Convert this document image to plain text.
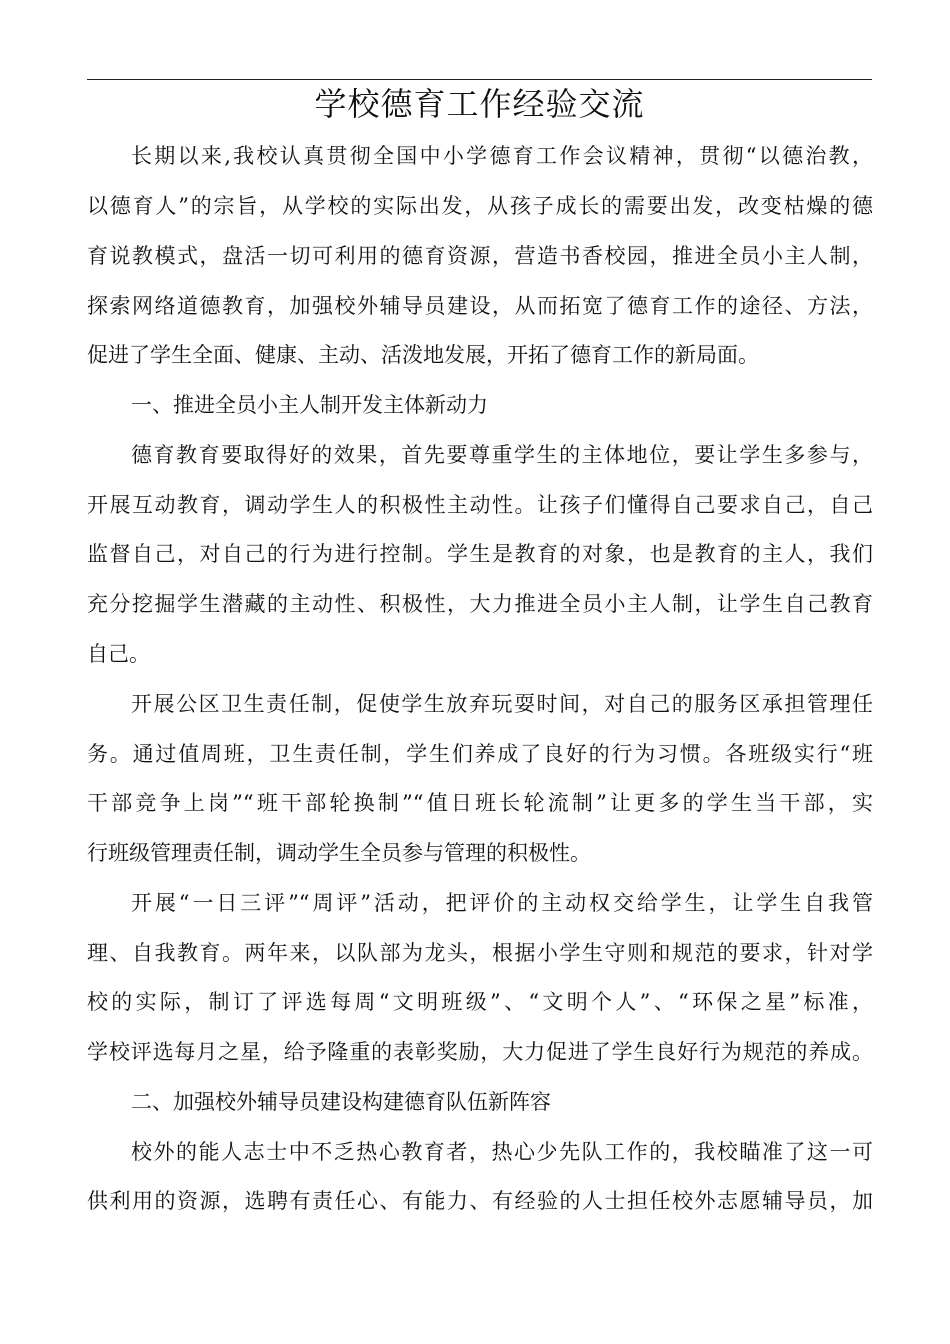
学校德育工作经验交流
长期以来,我校认真贯彻全国中小学德育工作会议精神，贯彻“以德治教，
以德育人”的宗旨，从学校的实际出发，从孩子成长的需要出发，改变枯燥的德
育说教模式，盘活一切可利用的德育资源，营造书香校园，推进全员小主人制，
探索网络道德教育，加强校外辅导员建设，从而拓宽了德育工作的途径、方法，
促进了学生全面、健康、主动、活泼地发展，开拓了德育工作的新局面。
一、推进全员小主人制开发主体新动力
德育教育要取得好的效果，首先要尊重学生的主体地位，要让学生多参与，
开展互动教育，调动学生人的积极性主动性。让孩子们懂得自己要求自己，自己
监督自己，对自己的行为进行控制。学生是教育的对象，也是教育的主人，我们
充分挖掘学生潜藏的主动性、积极性，大力推进全员小主人制，让学生自己教育
自己。
开展公区卫生责任制，促使学生放弃玩耍时间，对自己的服务区承担管理任
务。通过值周班，卫生责任制，学生们养成了良好的行为习惯。各班级实行“班
干部竞争上岗”“班干部轮换制”“值日班长轮流制”让更多的学生当干部，实
行班级管理责任制，调动学生全员参与管理的积极性。
开展“一日三评”“周评”活动，把评价的主动权交给学生，让学生自我管
理、自我教育。两年来，以队部为龙头，根据小学生守则和规范的要求，针对学
校的实际，制订了评选每周“文明班级”、“文明个人”、“环保之星”标准，
学校评选每月之星，给予隆重的表彰奖励，大力促进了学生良好行为规范的养成。
二、加强校外辅导员建设构建德育队伍新阵容
校外的能人志士中不乏热心教育者，热心少先队工作的，我校瞄准了这一可
供利用的资源，选聘有责任心、有能力、有经验的人士担任校外志愿辅导员，加
